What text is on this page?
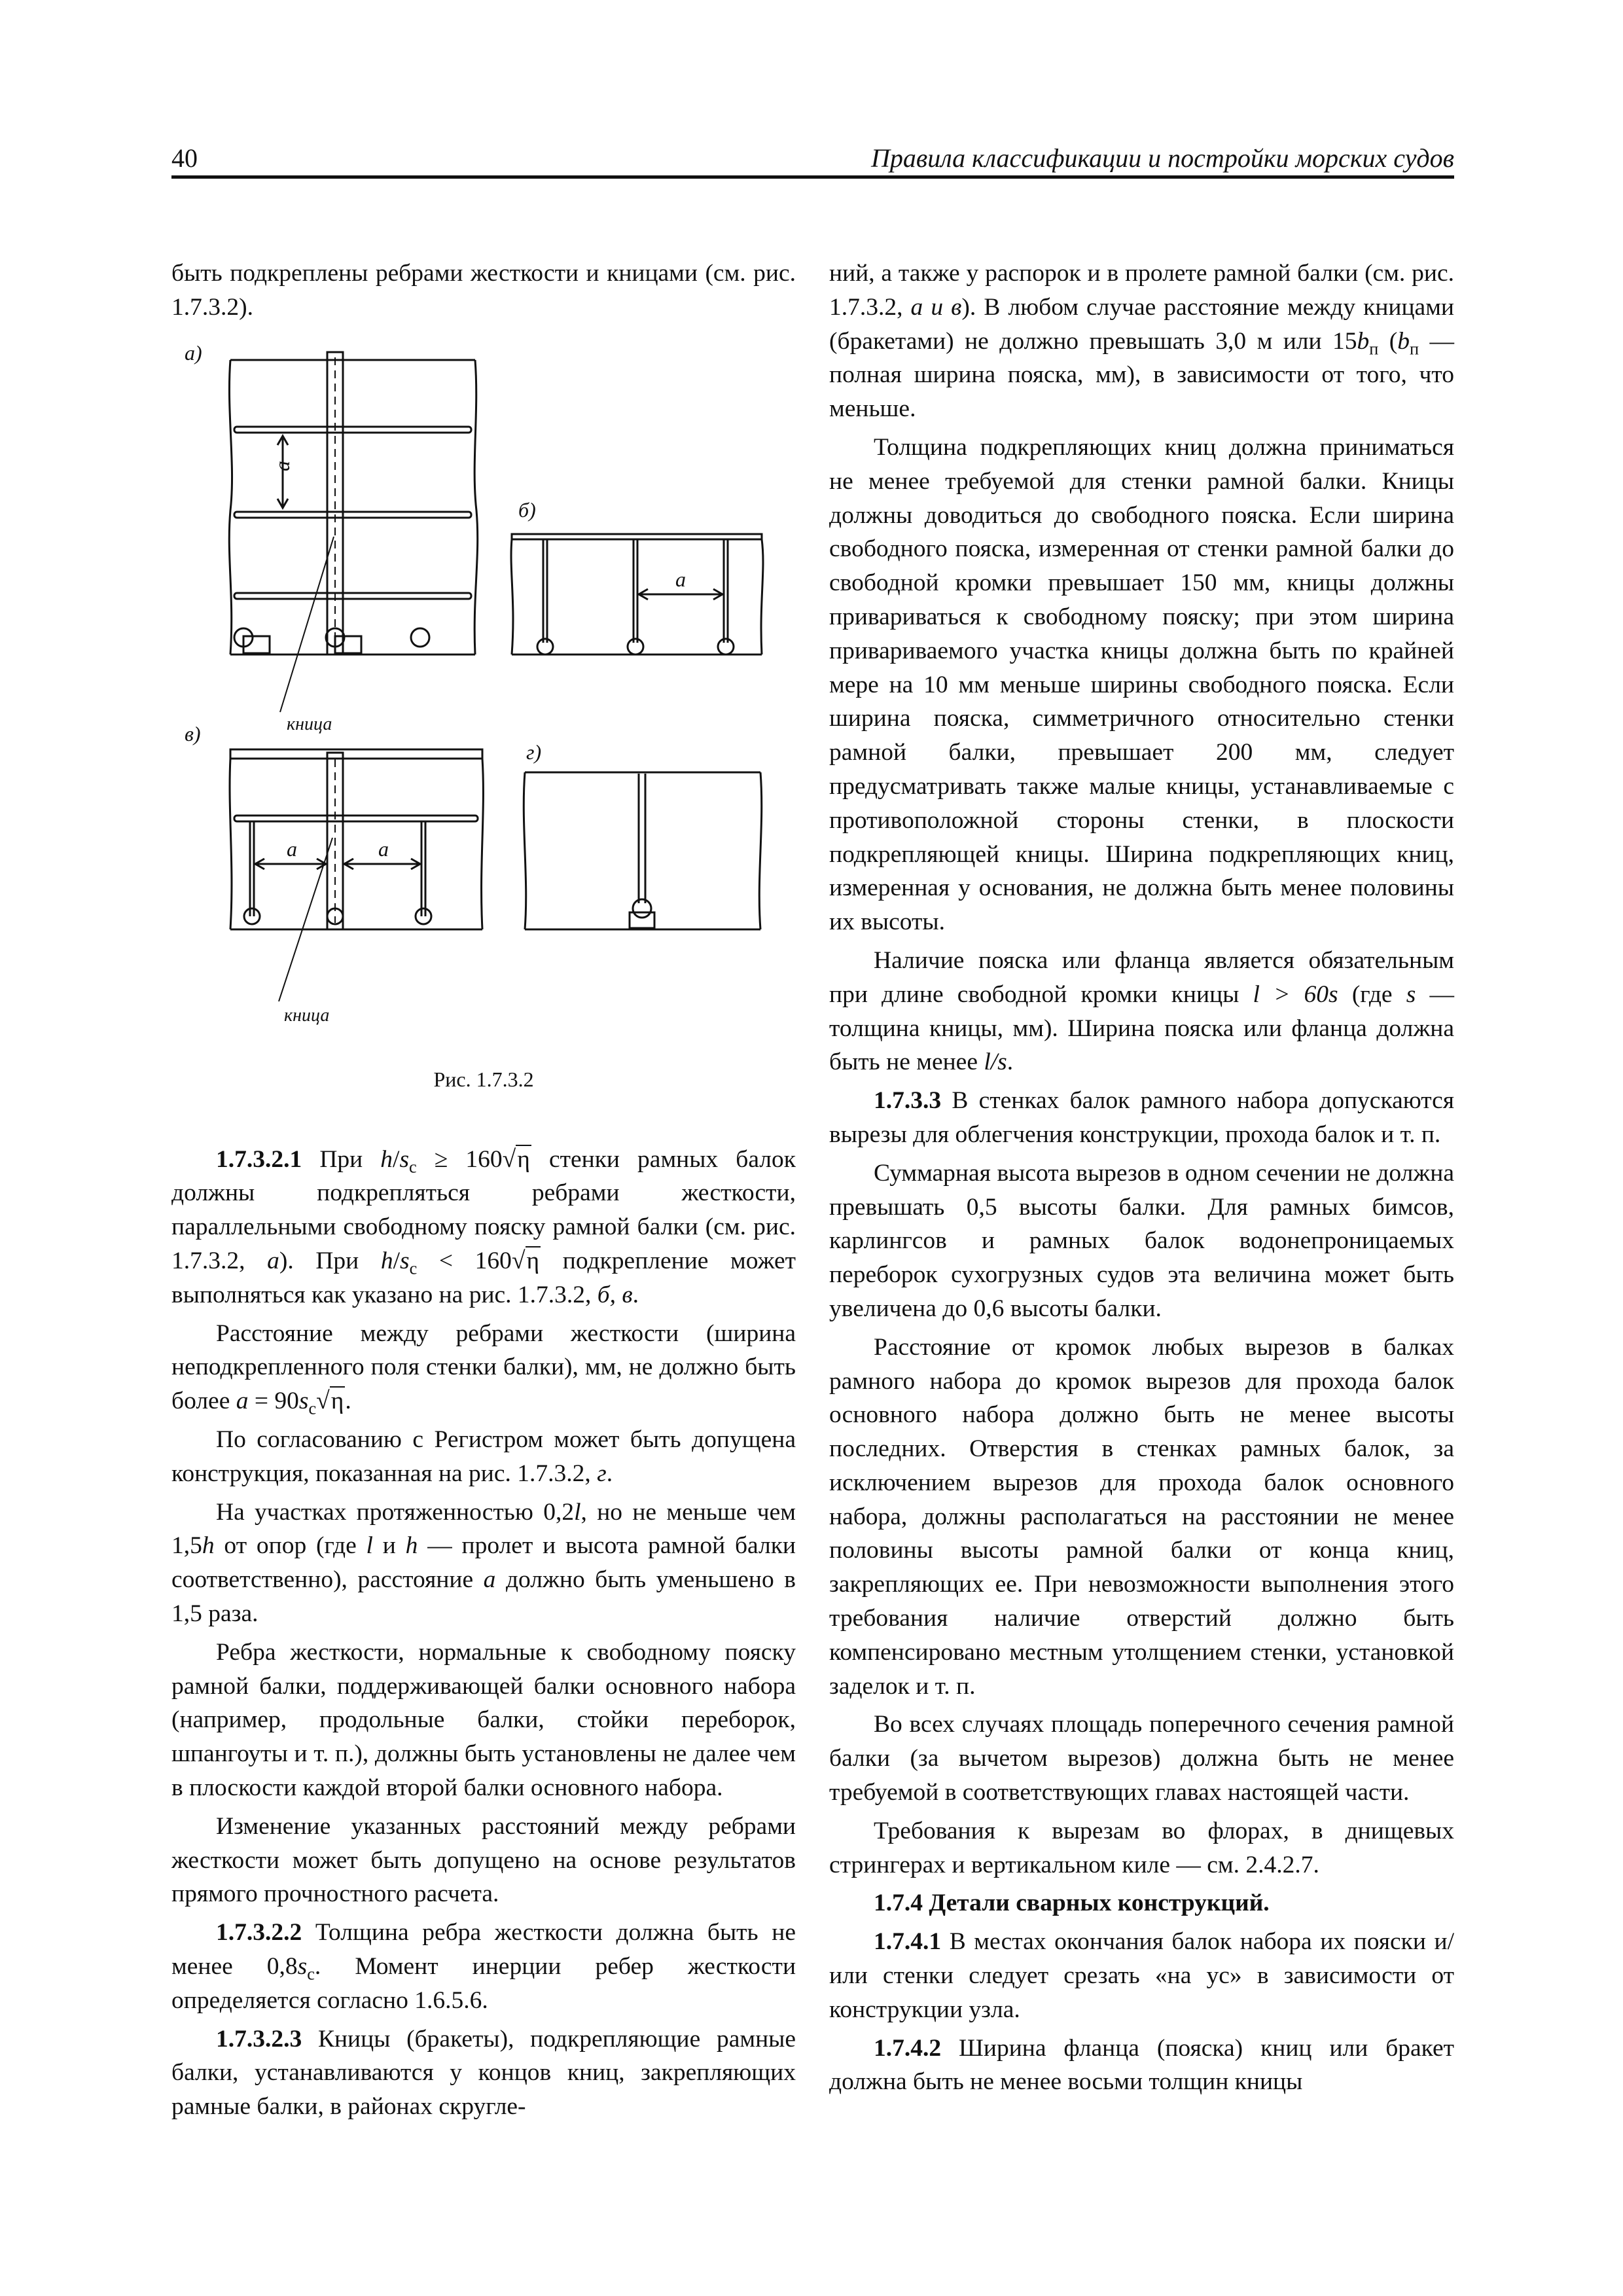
40	Правила классификации и постройки морских судов

быть подкреплены ребрами жесткости и кницами (см. рис. 1.7.3.2).

а)
б)
в)
г)
a
a
a	a
кница
кница
Рис. 1.7.3.2

1.7.3.2.1 При $h/s_c \ge 160√\eta$ стенки рамных балок должны подкрепляться ребрами жесткости, параллельными свободному пояску рамной балки (см. рис. 1.7.3.2, а). При $h/s_c < 160√\eta$ подкрепление может выполняться как указано на рис. 1.7.3.2, б, в.

Расстояние между ребрами жесткости (ширина неподкрепленного поля стенки балки), мм, не должно быть более $a = 90s_c√\eta$.

По согласованию с Регистром может быть допущена конструкция, показанная на рис. 1.7.3.2, г.

На участках протяженностью 0,2l, но не меньше чем 1,5h от опор (где l и h — пролет и высота рамной балки соответственно), расстояние a должно быть уменьшено в 1,5 раза.

Ребра жесткости, нормальные к свободному пояску рамной балки, поддерживающей балки основного набора (например, продольные балки, стойки переборок, шпангоуты и т. п.), должны быть установлены не далее чем в плоскости каждой второй балки основного набора.

Изменение указанных расстояний между ребрами жесткости может быть допущено на основе результатов прямого прочностного расчета.

1.7.3.2.2 Толщина ребра жесткости должна быть не менее $0,8s_c$. Момент инерции ребер жесткости определяется согласно 1.6.5.6.

1.7.3.2.3 Кницы (бракеты), подкрепляющие рамные балки, устанавливаются у концов книц, закрепляющих рамные балки, в районах скругле-

ний, а также у распорок и в пролете рамной балки (см. рис. 1.7.3.2, а и в). В любом случае расстояние между кницами (бракетами) не должно превышать 3,0 м или $15b_п$ ($b_п$ — полная ширина пояска, мм), в зависимости от того, что меньше.

Толщина подкрепляющих книц должна приниматься не менее требуемой для стенки рамной балки. Кницы должны доводиться до свободного пояска. Если ширина свободного пояска, измеренная от стенки рамной балки до свободной кромки превышает 150 мм, кницы должны привариваться к свободному пояску; при этом ширина привариваемого участка кницы должна быть по крайней мере на 10 мм меньше ширины свободного пояска. Если ширина пояска, симметричного относительно стенки рамной балки, превышает 200 мм, следует предусматривать также малые кницы, устанавливаемые с противоположной стороны стенки, в плоскости подкрепляющей кницы. Ширина подкрепляющих книц, измеренная у основания, не должна быть менее половины их высоты.

Наличие пояска или фланца является обязательным при длине свободной кромки кницы l > 60s (где s — толщина кницы, мм). Ширина пояска или фланца должна быть не менее l/s.

1.7.3.3 В стенках балок рамного набора допускаются вырезы для облегчения конструкции, прохода балок и т. п.

Суммарная высота вырезов в одном сечении не должна превышать 0,5 высоты балки. Для рамных бимсов, карлингсов и рамных балок водонепроницаемых переборок сухогрузных судов эта величина может быть увеличена до 0,6 высоты балки.

Расстояние от кромок любых вырезов в балках рамного набора до кромок вырезов для прохода балок основного набора должно быть не менее высоты последних. Отверстия в стенках рамных балок, за исключением вырезов для прохода балок основного набора, должны располагаться на расстоянии не менее половины высоты рамной балки от конца книц, закрепляющих ее. При невозможности выполнения этого требования наличие отверстий должно быть компенсировано местным утолщением стенки, установкой заделок и т. п.

Во всех случаях площадь поперечного сечения рамной балки (за вычетом вырезов) должна быть не менее требуемой в соответствующих главах настоящей части.

Требования к вырезам во флорах, в днищевых стрингерах и вертикальном киле — см. 2.4.2.7.

1.7.4 Детали сварных конструкций.

1.7.4.1 В местах окончания балок набора их пояски и/или стенки следует срезать «на ус» в зависимости от конструкции узла.

1.7.4.2 Ширина фланца (пояска) книц или бракет должна быть не менее восьми толщин кницы
